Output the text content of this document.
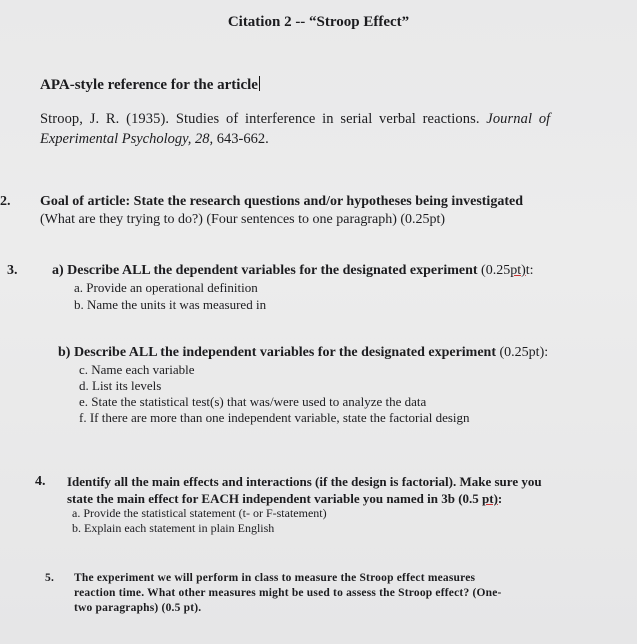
Citation 2 -- “Stroop Effect”
APA-style reference for the article
Stroop, J. R. (1935). Studies of interference in serial verbal reactions. Journal of
Experimental Psychology, 28, 643-662.
2. Goal of article: State the research questions and/or hypotheses being investigated
(What are they trying to do?) (Four sentences to one paragraph) (0.25pt)
3. a) Describe ALL the dependent variables for the designated experiment (0.25pt)t:
a. Provide an operational definition
b. Name the units it was measured in
b) Describe ALL the independent variables for the designated experiment (0.25pt):
c. Name each variable
d. List its levels
e. State the statistical test(s) that was/were used to analyze the data
f. If there are more than one independent variable, state the factorial design
4. Identify all the main effects and interactions (if the design is factorial). Make sure you
state the main effect for EACH independent variable you named in 3b (0.5 pt):
a. Provide the statistical statement (t- or F-statement)
b. Explain each statement in plain English
5. The experiment we will perform in class to measure the Stroop effect measures
reaction time. What other measures might be used to assess the Stroop effect? (One-
two paragraphs) (0.5 pt).
